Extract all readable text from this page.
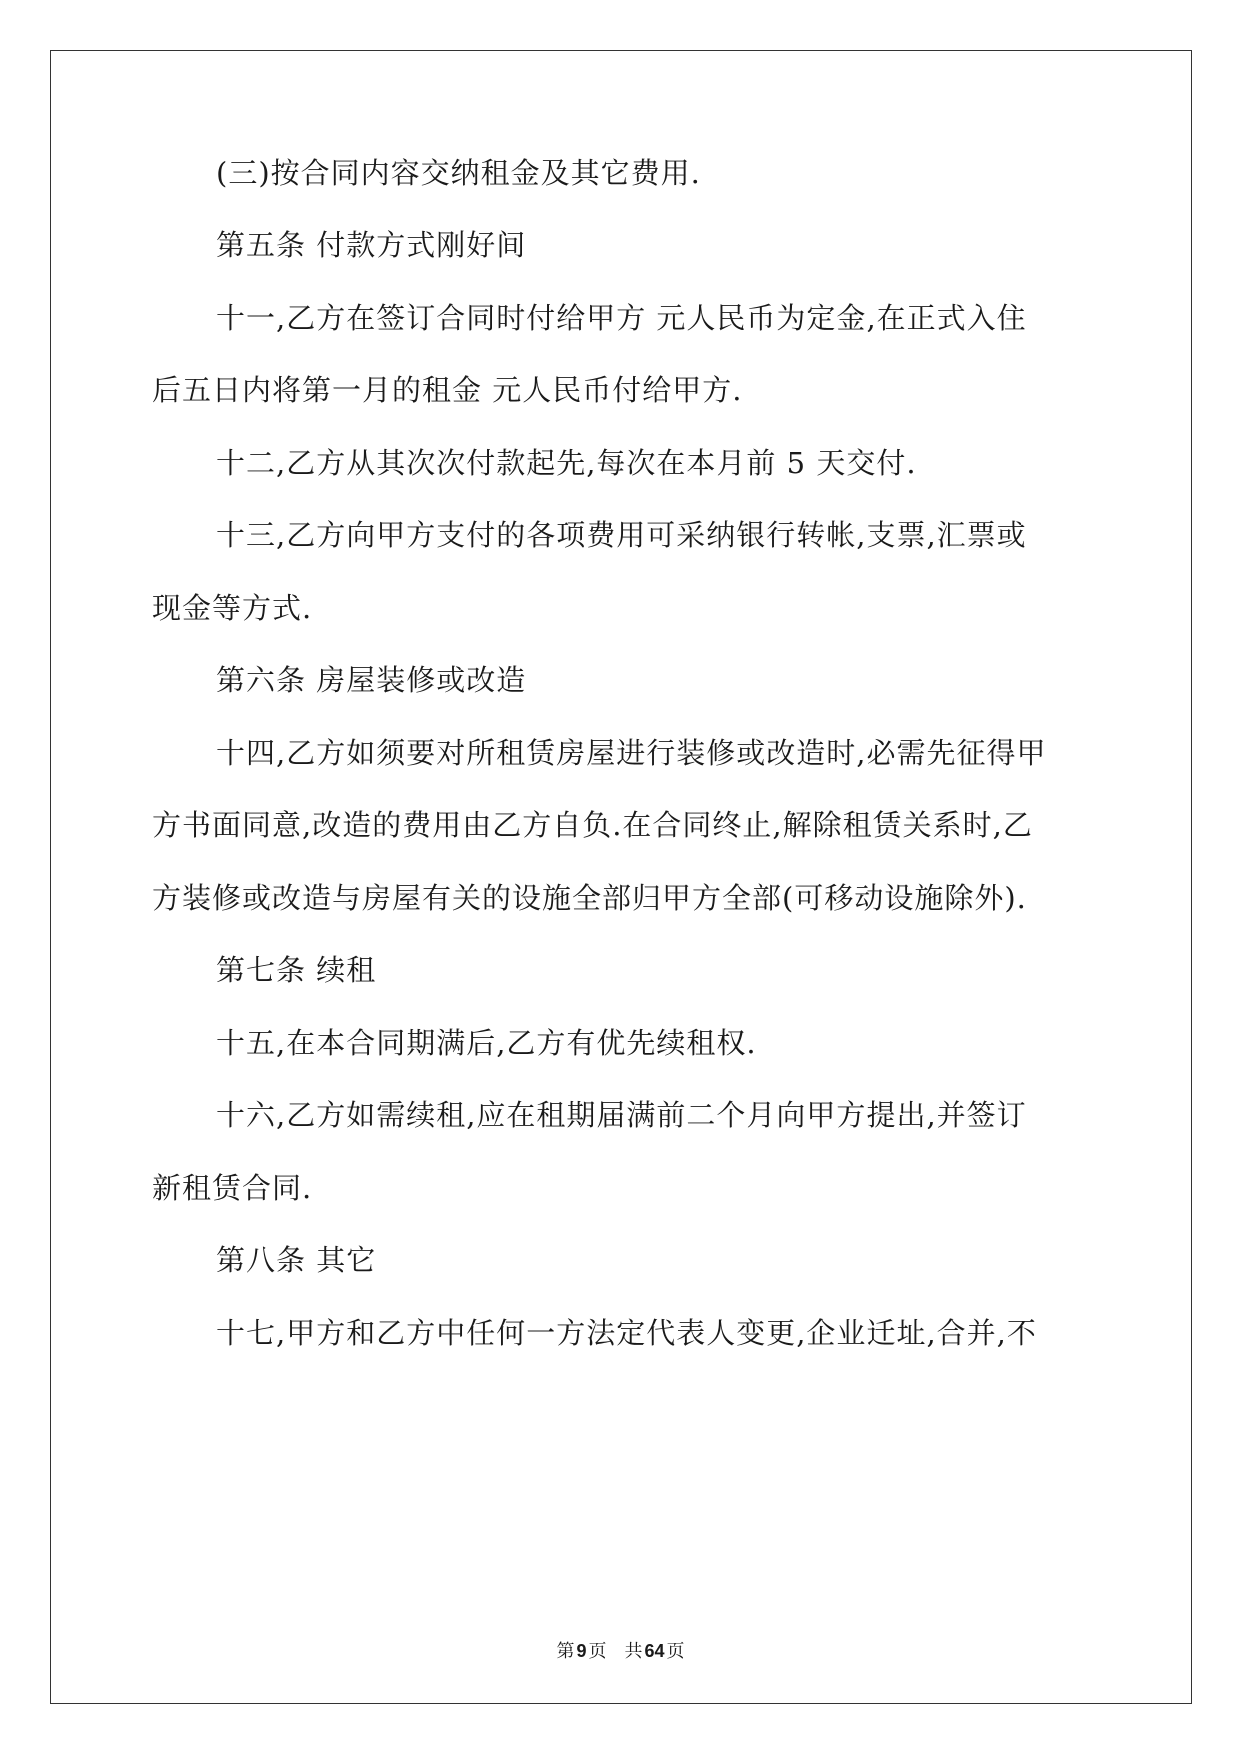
(三)按合同内容交纳租金及其它费用.
第五条 付款方式刚好间
十一,乙方在签订合同时付给甲方 元人民币为定金,在正式入住
后五日内将第一月的租金 元人民币付给甲方.
十二,乙方从其次次付款起先,每次在本月前 5 天交付.
十三,乙方向甲方支付的各项费用可采纳银行转帐,支票,汇票或
现金等方式.
第六条 房屋装修或改造
十四,乙方如须要对所租赁房屋进行装修或改造时,必需先征得甲
方书面同意,改造的费用由乙方自负.在合同终止,解除租赁关系时,乙
方装修或改造与房屋有关的设施全部归甲方全部(可移动设施除外).
第七条 续租
十五,在本合同期满后,乙方有优先续租权.
十六,乙方如需续租,应在租期届满前二个月向甲方提出,并签订
新租赁合同.
第八条 其它
十七,甲方和乙方中任何一方法定代表人变更,企业迁址,合并,不
第 9 页 共 64 页
